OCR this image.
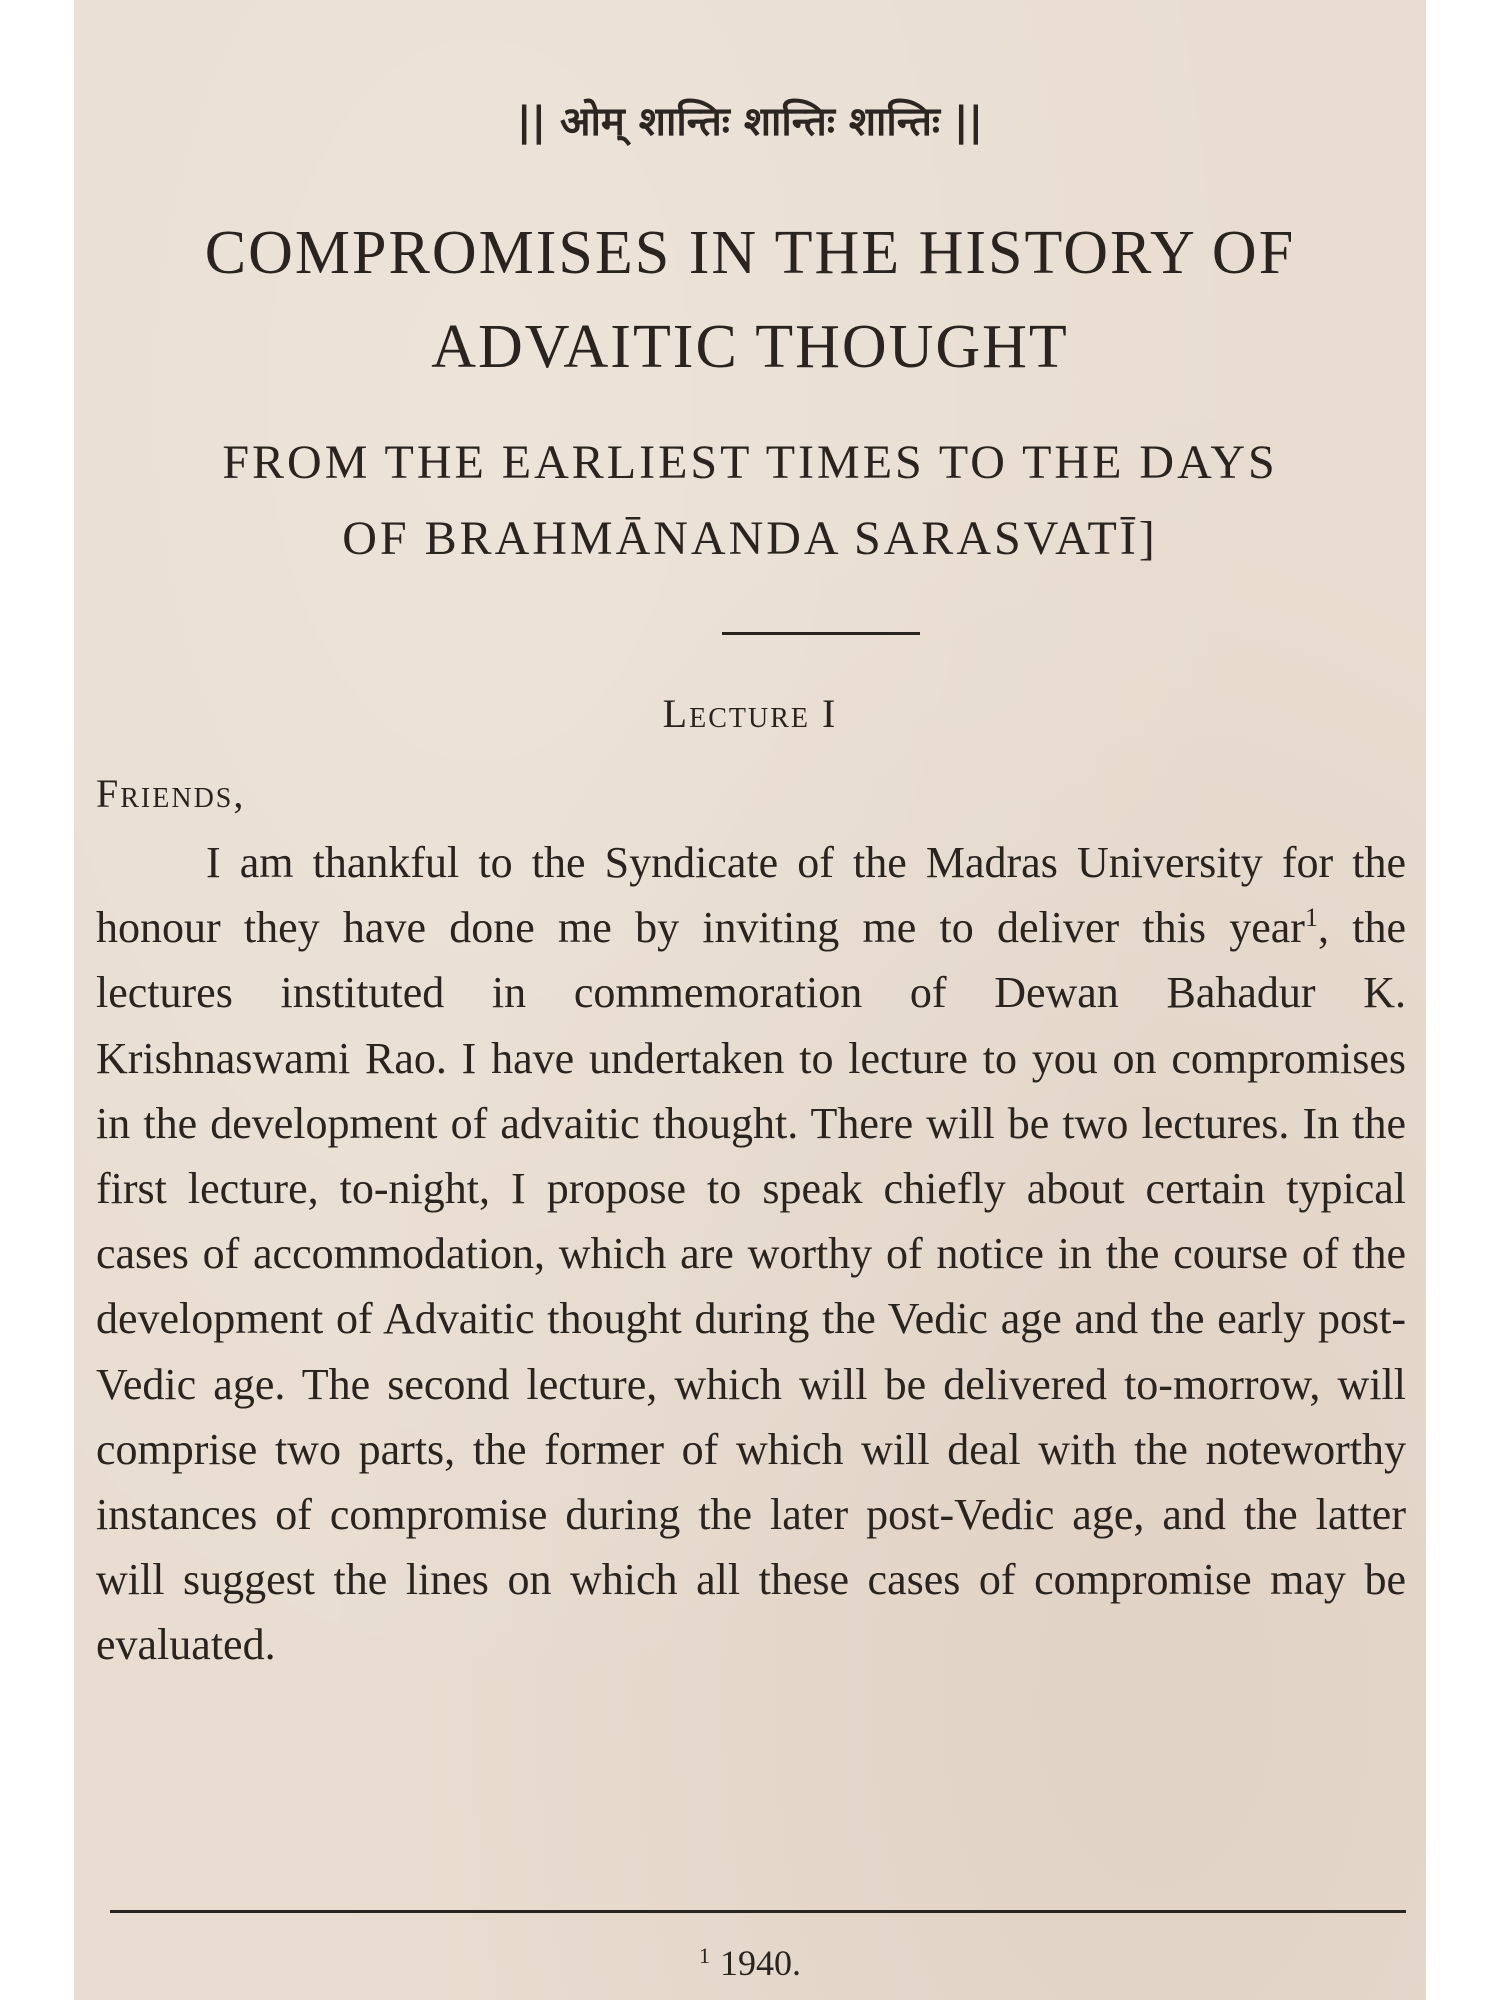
|| ओम् शान्तिः शान्तिः शान्तिः ||
COMPROMISES IN THE HISTORY OF
ADVAITIC THOUGHT
FROM THE EARLIEST TIMES TO THE DAYS
OF BRAHMĀNANDA SARASVATĪ]
Lecture I
Friends,

I am thankful to the Syndicate of the Madras University for the honour they have done me by inviting me to deliver this year$^1$, the lectures instituted in commemoration of Dewan Bahadur K. Krishnaswami Rao. I have undertaken to lecture to you on compromises in the development of advaitic thought. There will be two lectures. In the first lecture, to-night, I propose to speak chiefly about certain typical cases of accommodation, which are worthy of notice in the course of the development of Advaitic thought during the Vedic age and the early post-Vedic age. The second lecture, which will be delivered to-morrow, will comprise two parts, the former of which will deal with the noteworthy instances of compromise during the later post-Vedic age, and the latter will suggest the lines on which all these cases of compromise may be evaluated.

$^1$ 1940.
